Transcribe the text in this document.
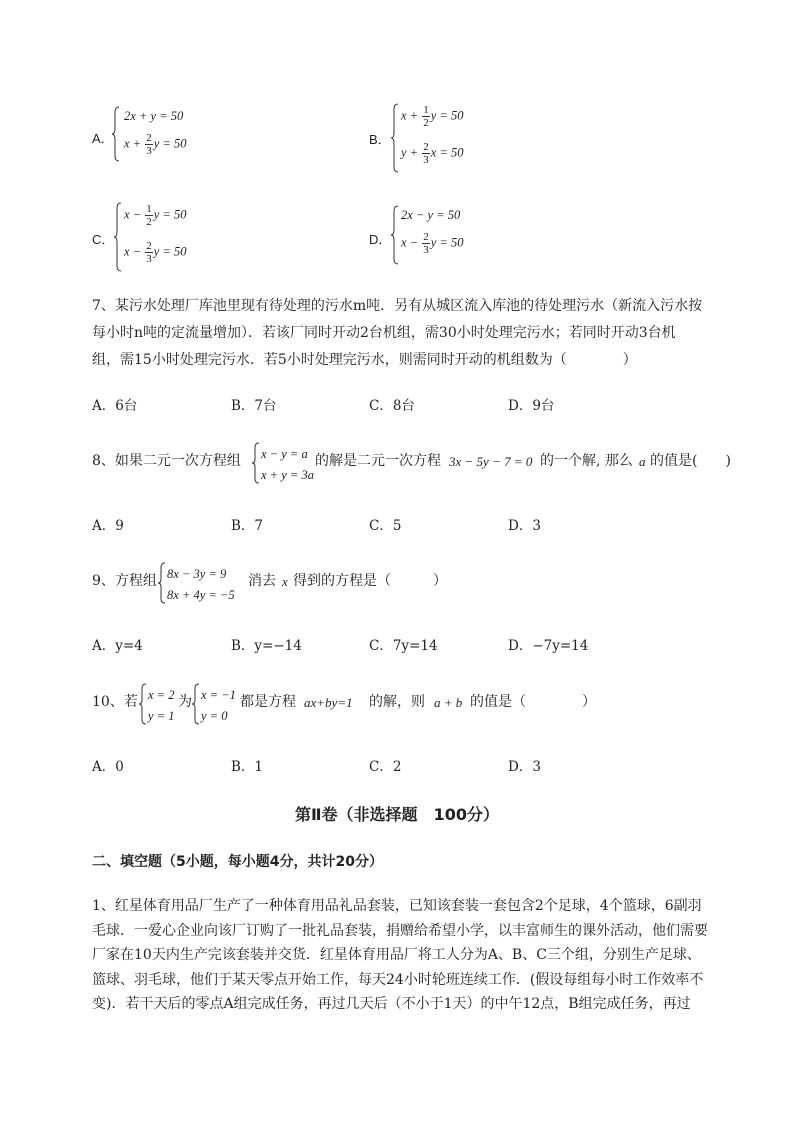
A．
2x + y = 50
$x + \frac{2}{3}$ y = 50	B．
$x + \frac{1}{2}$ y = 50
$y + \frac{2}{3}$ x = 50
C．
$x - \frac{1}{2}$ y = 50
$x - \frac{2}{3}$ y = 50
D．
2x − y = 50
$x - \frac{2}{3}$ y = 50
7、某污水处理厂库池里现有待处理的污水m吨．另有从城区流入库池的待处理污水（新流入污水按
每小时n吨的定流量增加）．若该厂同时开动2台机组，需30小时处理完污水；若同时开动3台机
组，需15小时处理完污水．若5小时处理完污水，则需同时开动的机组数为（　　　　）
A．6台	B．7台	C．8台	D．9台
8、如果二元一次方程组 x − y = a
x + y = 3a
的解是二元一次方程 3x − 5y − 7 = 0 的一个解, 那么 a 的值是(　　)
A．9	B．7	C．5	D．3
9、方程组 8x − 3y = 9
8x + 4y = −5
消去 x 得到的方程是（　　　）
A．y=4	B．y=−14	C．7y=14	D．−7y=14
10、若 x = 2
y = 1
为 x = −1
y = 0
都是方程 ax+by=1 的解，则 a + b 的值是（　　　　）
A．0	B．1	C．2	D．3
第Ⅱ卷（非选择题　100分）
二、填空题（5小题，每小题4分，共计20分）
1、红星体育用品厂生产了一种体育用品礼品套装，已知该套装一套包含2个足球，4个篮球，6副羽
毛球．一爱心企业向该厂订购了一批礼品套装，捐赠给希望小学，以丰富师生的课外活动，他们需要
厂家在10天内生产完该套装并交货．红星体育用品厂将工人分为A、B、C三个组，分别生产足球、
篮球、羽毛球，他们于某天零点开始工作，每天24小时轮班连续工作．(假设每组每小时工作效率不
变)．若干天后的零点A组完成任务，再过几天后（不小于1天）的中午12点，B组完成任务，再过
